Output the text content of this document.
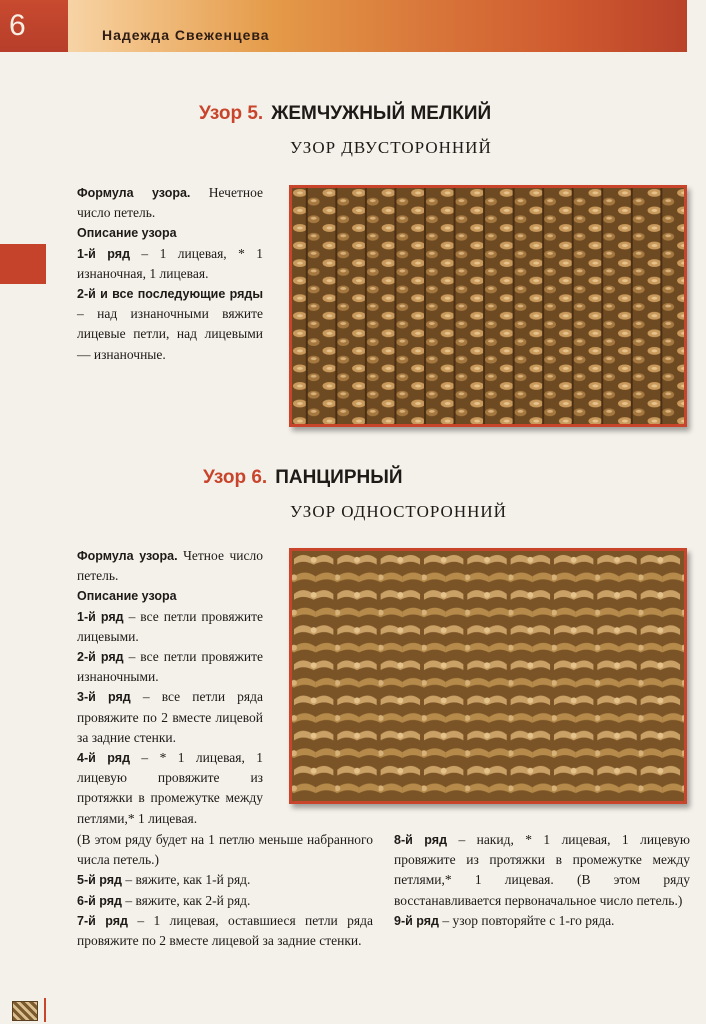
6	Надежда Свеженцева
Узор 5. ЖЕМЧУЖНЫЙ МЕЛКИЙ
УЗОР ДВУСТОРОННИЙ

Формула узора. Нечетное число петель.

Описание узора

1-й ряд – 1 лицевая, * 1 изнаночная, 1 лицевая.

2-й и все последующие ряды – над изнаночными вяжите лицевые петли, над лицевыми — изнаночные.

Узор 6. ПАНЦИРНЫЙ
УЗОР ОДНОСТОРОННИЙ

Формула узора. Четное число петель.

Описание узора

1-й ряд – все петли провяжите лицевыми.

2-й ряд – все петли провяжите изнаночными.

3-й ряд – все петли ряда провяжите по 2 вместе лицевой за задние стенки.

4-й ряд – * 1 лицевая, 1 лицевую провяжите из протяжки в промежутке между петлями,* 1 лицевая.

(В этом ряду будет на 1 петлю меньше набранного числа петель.)

5-й ряд – вяжите, как 1-й ряд.

6-й ряд – вяжите, как 2-й ряд.

7-й ряд – 1 лицевая, оставшиеся петли ряда провяжите по 2 вместе лицевой за задние стенки.

8-й ряд – накид, * 1 лицевая, 1 лицевую провяжите из протяжки в промежутке между петлями,* 1 лицевая. (В этом ряду восстанавливается первоначальное число петель.)

9-й ряд – узор повторяйте с 1-го ряда.
